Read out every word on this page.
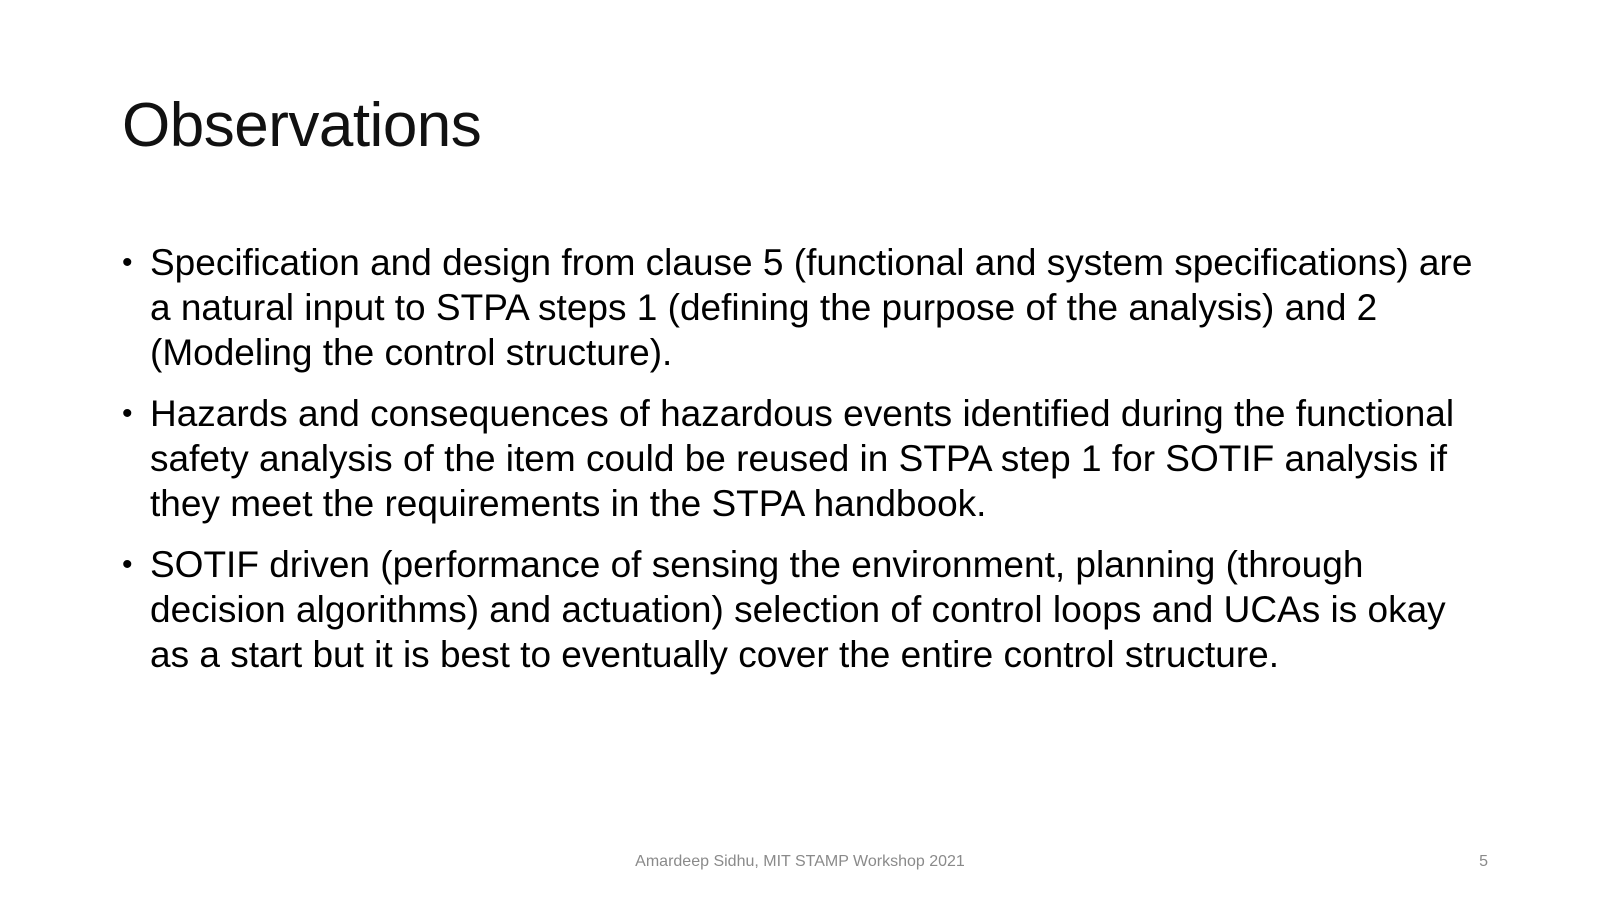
Observations
• Specification and design from clause 5 (functional and system specifications) are a natural input to STPA steps 1 (defining the purpose of the analysis) and 2 (Modeling the control structure).
• Hazards and consequences of hazardous events identified during the functional safety analysis of the item could be reused in STPA step 1 for SOTIF analysis if they meet the requirements in the STPA handbook.
• SOTIF driven (performance of sensing the environment, planning (through decision algorithms) and actuation) selection of control loops and UCAs is okay as a start but it is best to eventually cover the entire control structure.
Amardeep Sidhu, MIT STAMP Workshop 2021	5
